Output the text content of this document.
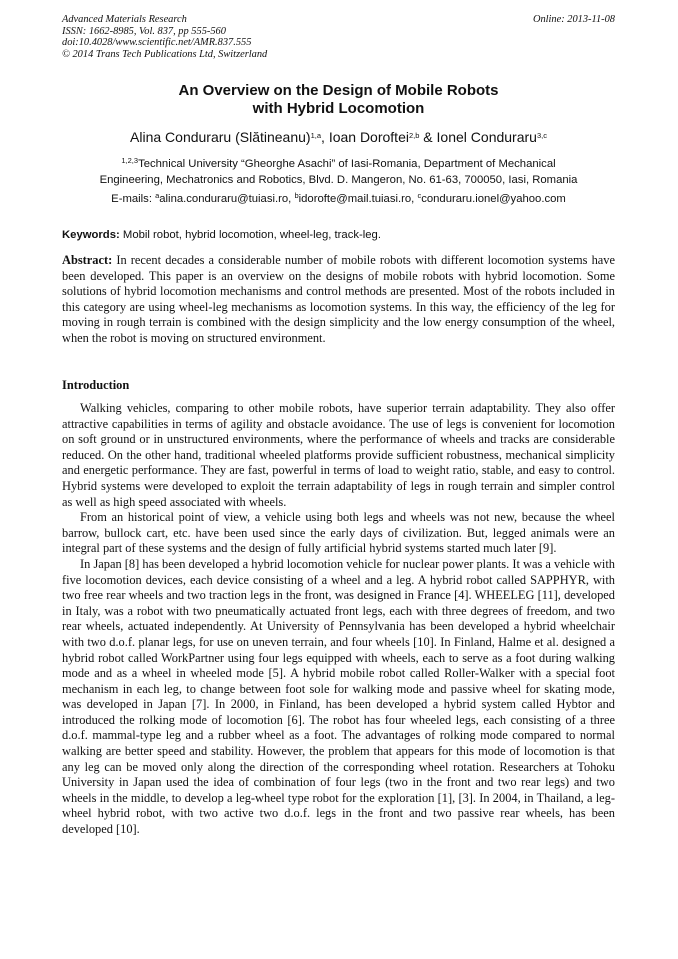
Advanced Materials Research
ISSN: 1662-8985, Vol. 837, pp 555-560
doi:10.4028/www.scientific.net/AMR.837.555
© 2014 Trans Tech Publications Ltd, Switzerland
Online: 2013-11-08
An Overview on the Design of Mobile Robots
with Hybrid Locomotion
Alina Conduraru (Slătineanu)$^{1,a}$, Ioan Doroftei$^{2,b}$ & Ionel Conduraru$^{3,c}$
$^{1,2,3}$Technical University “Gheorghe Asachi” of Iasi-Romania, Department of Mechanical
Engineering, Mechatronics and Robotics, Blvd. D. Mangeron, No. 61-63, 700050, Iasi, Romania
E-mails: $^a$alina.conduraru@tuiasi.ro, $^b$idorofte@mail.tuiasi.ro, $^c$conduraru.ionel@yahoo.com
Keywords: Mobil robot, hybrid locomotion, wheel-leg, track-leg.

Abstract: In recent decades a considerable number of mobile robots with different locomotion systems have been developed. This paper is an overview on the designs of mobile robots with hybrid locomotion. Some solutions of hybrid locomotion mechanisms and control methods are presented. Most of the robots included in this category are using wheel-leg mechanisms as locomotion systems. In this way, the efficiency of the leg for moving in rough terrain is combined with the design simplicity and the low energy consumption of the wheel, when the robot is moving on structured environment.

Introduction

Walking vehicles, comparing to other mobile robots, have superior terrain adaptability. They also offer attractive capabilities in terms of agility and obstacle avoidance. The use of legs is convenient for locomotion on soft ground or in unstructured environments, where the performance of wheels and tracks are considerable reduced. On the other hand, traditional wheeled platforms provide sufficient robustness, mechanical simplicity and energetic performance. They are fast, powerful in terms of load to weight ratio, stable, and easy to control. Hybrid systems were developed to exploit the terrain adaptability of legs in rough terrain and simpler control as well as high speed associated with wheels.

From an historical point of view, a vehicle using both legs and wheels was not new, because the wheel barrow, bullock cart, etc. have been used since the early days of civilization. But, legged animals were an integral part of these systems and the design of fully artificial hybrid systems started much later [9].

In Japan [8] has been developed a hybrid locomotion vehicle for nuclear power plants. It was a vehicle with five locomotion devices, each device consisting of a wheel and a leg. A hybrid robot called SAPPHYR, with two free rear wheels and two traction legs in the front, was designed in France [4]. WHEELEG [11], developed in Italy, was a robot with two pneumatically actuated front legs, each with three degrees of freedom, and two rear wheels, actuated independently. At University of Pennsylvania has been developed a hybrid wheelchair with two d.o.f. planar legs, for use on uneven terrain, and four wheels [10]. In Finland, Halme et al. designed a hybrid robot called WorkPartner using four legs equipped with wheels, each to serve as a foot during walking mode and as a wheel in wheeled mode [5]. A hybrid mobile robot called Roller-Walker with a special foot mechanism in each leg, to change between foot sole for walking mode and passive wheel for skating mode, was developed in Japan [7]. In 2000, in Finland, has been developed a hybrid system called Hybtor and introduced the rolking mode of locomotion [6]. The robot has four wheeled legs, each consisting of a three d.o.f. mammal-type leg and a rubber wheel as a foot. The advantages of rolking mode compared to normal walking are better speed and stability. However, the problem that appears for this mode of locomotion is that any leg can be moved only along the direction of the corresponding wheel rotation. Researchers at Tohoku University in Japan used the idea of combination of four legs (two in the front and two rear legs) and two wheels in the middle, to develop a leg-wheel type robot for the exploration [1], [3]. In 2004, in Thailand, a leg-wheel hybrid robot, with two active two d.o.f. legs in the front and two passive rear wheels, has been developed [10].
